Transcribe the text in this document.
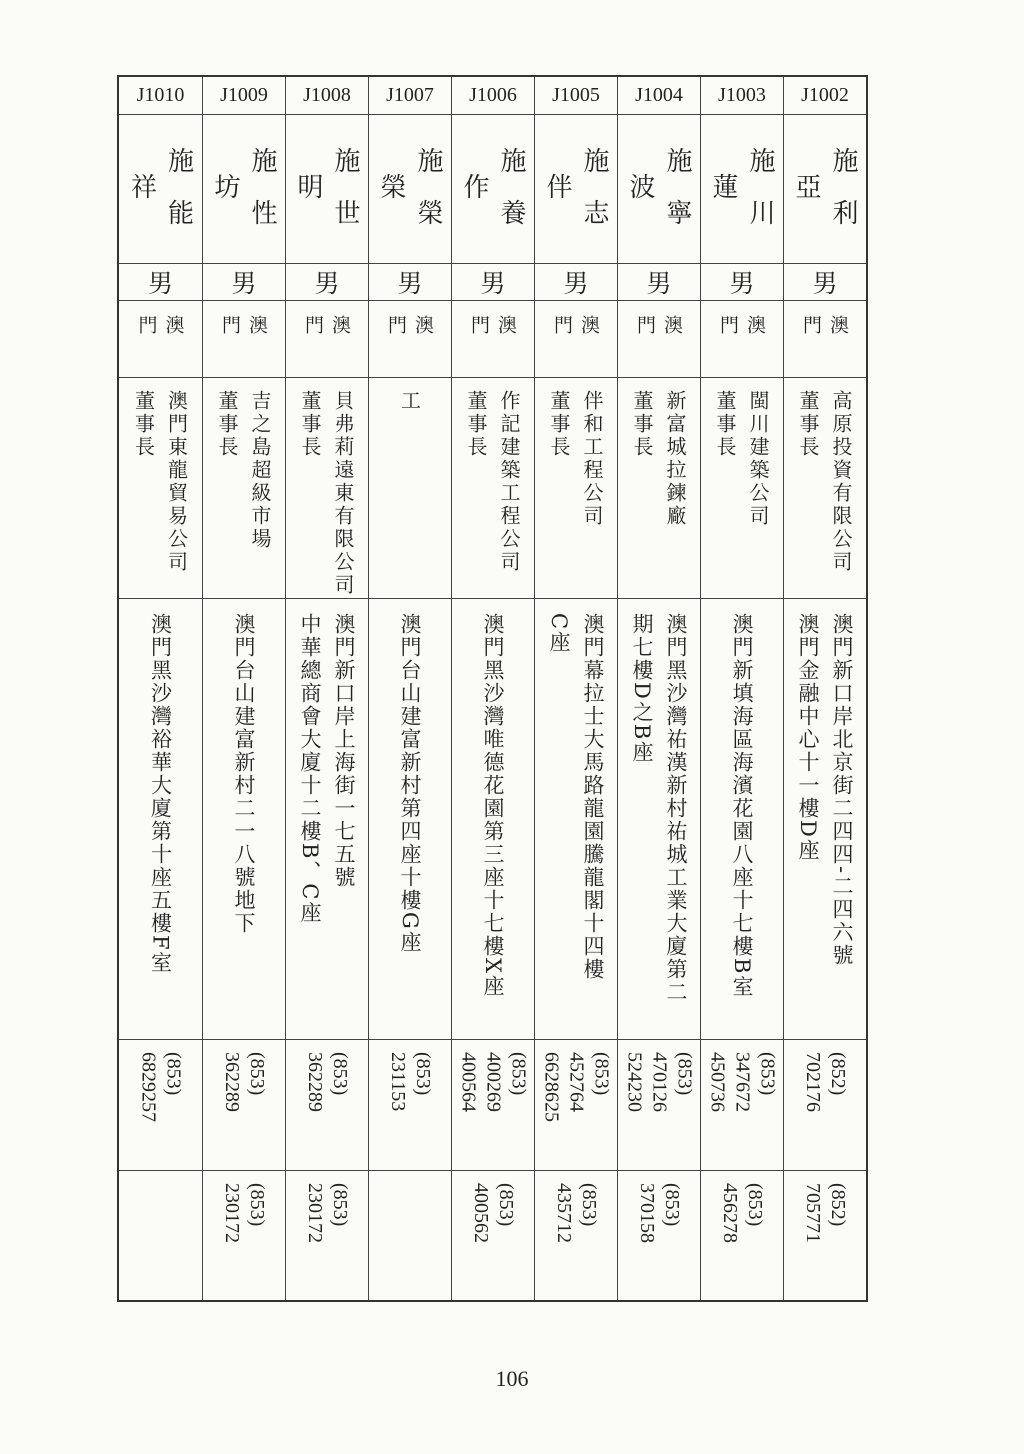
J1002
施利亞
男
澳門
高原投資有限公司
董事長
澳門新口岸北京街二四四-二四六號
澳門金融中心十一樓D座
(852)
702176
(852)
705771
J1003
施川蓮
男
澳門
閩川建築公司
董事長
澳門新填海區海濱花園八座十七樓B室
(853)
347672
450736
(853)
456278
J1004
施寧波
男
澳門
新富城拉鍊廠
董事長
澳門黑沙灣祐漢新村祐城工業大廈第二
期七樓D之B座
(853)
470126
524230
(853)
370158
J1005
施志伴
男
澳門
伴和工程公司
董事長
澳門幕拉士大馬路龍園騰龍閣十四樓
C座
(853)
452764
6628625
(853)
435712
J1006
施養作
男
澳門
作記建築工程公司
董事長
澳門黑沙灣唯德花園第三座十七樓X座
(853)
400269
400564
(853)
400562
J1007
施榮榮
男
澳門
工
澳門台山建富新村第四座十樓G座
(853)
231153
J1008
施世明
男
澳門
貝弗莉遠東有限公司
董事長
澳門新口岸上海街一七五號
中華總商會大廈十二樓B、C座
(853)
362289
(853)
230172
J1009
施性坊
男
澳門
吉之島超級市場
董事長
澳門台山建富新村二一八號地下
(853)
362289
(853)
230172
J1010
施能祥
男
澳門
澳門東龍貿易公司
董事長
澳門黑沙灣裕華大廈第十座五樓F室
(853)
6829257
106
